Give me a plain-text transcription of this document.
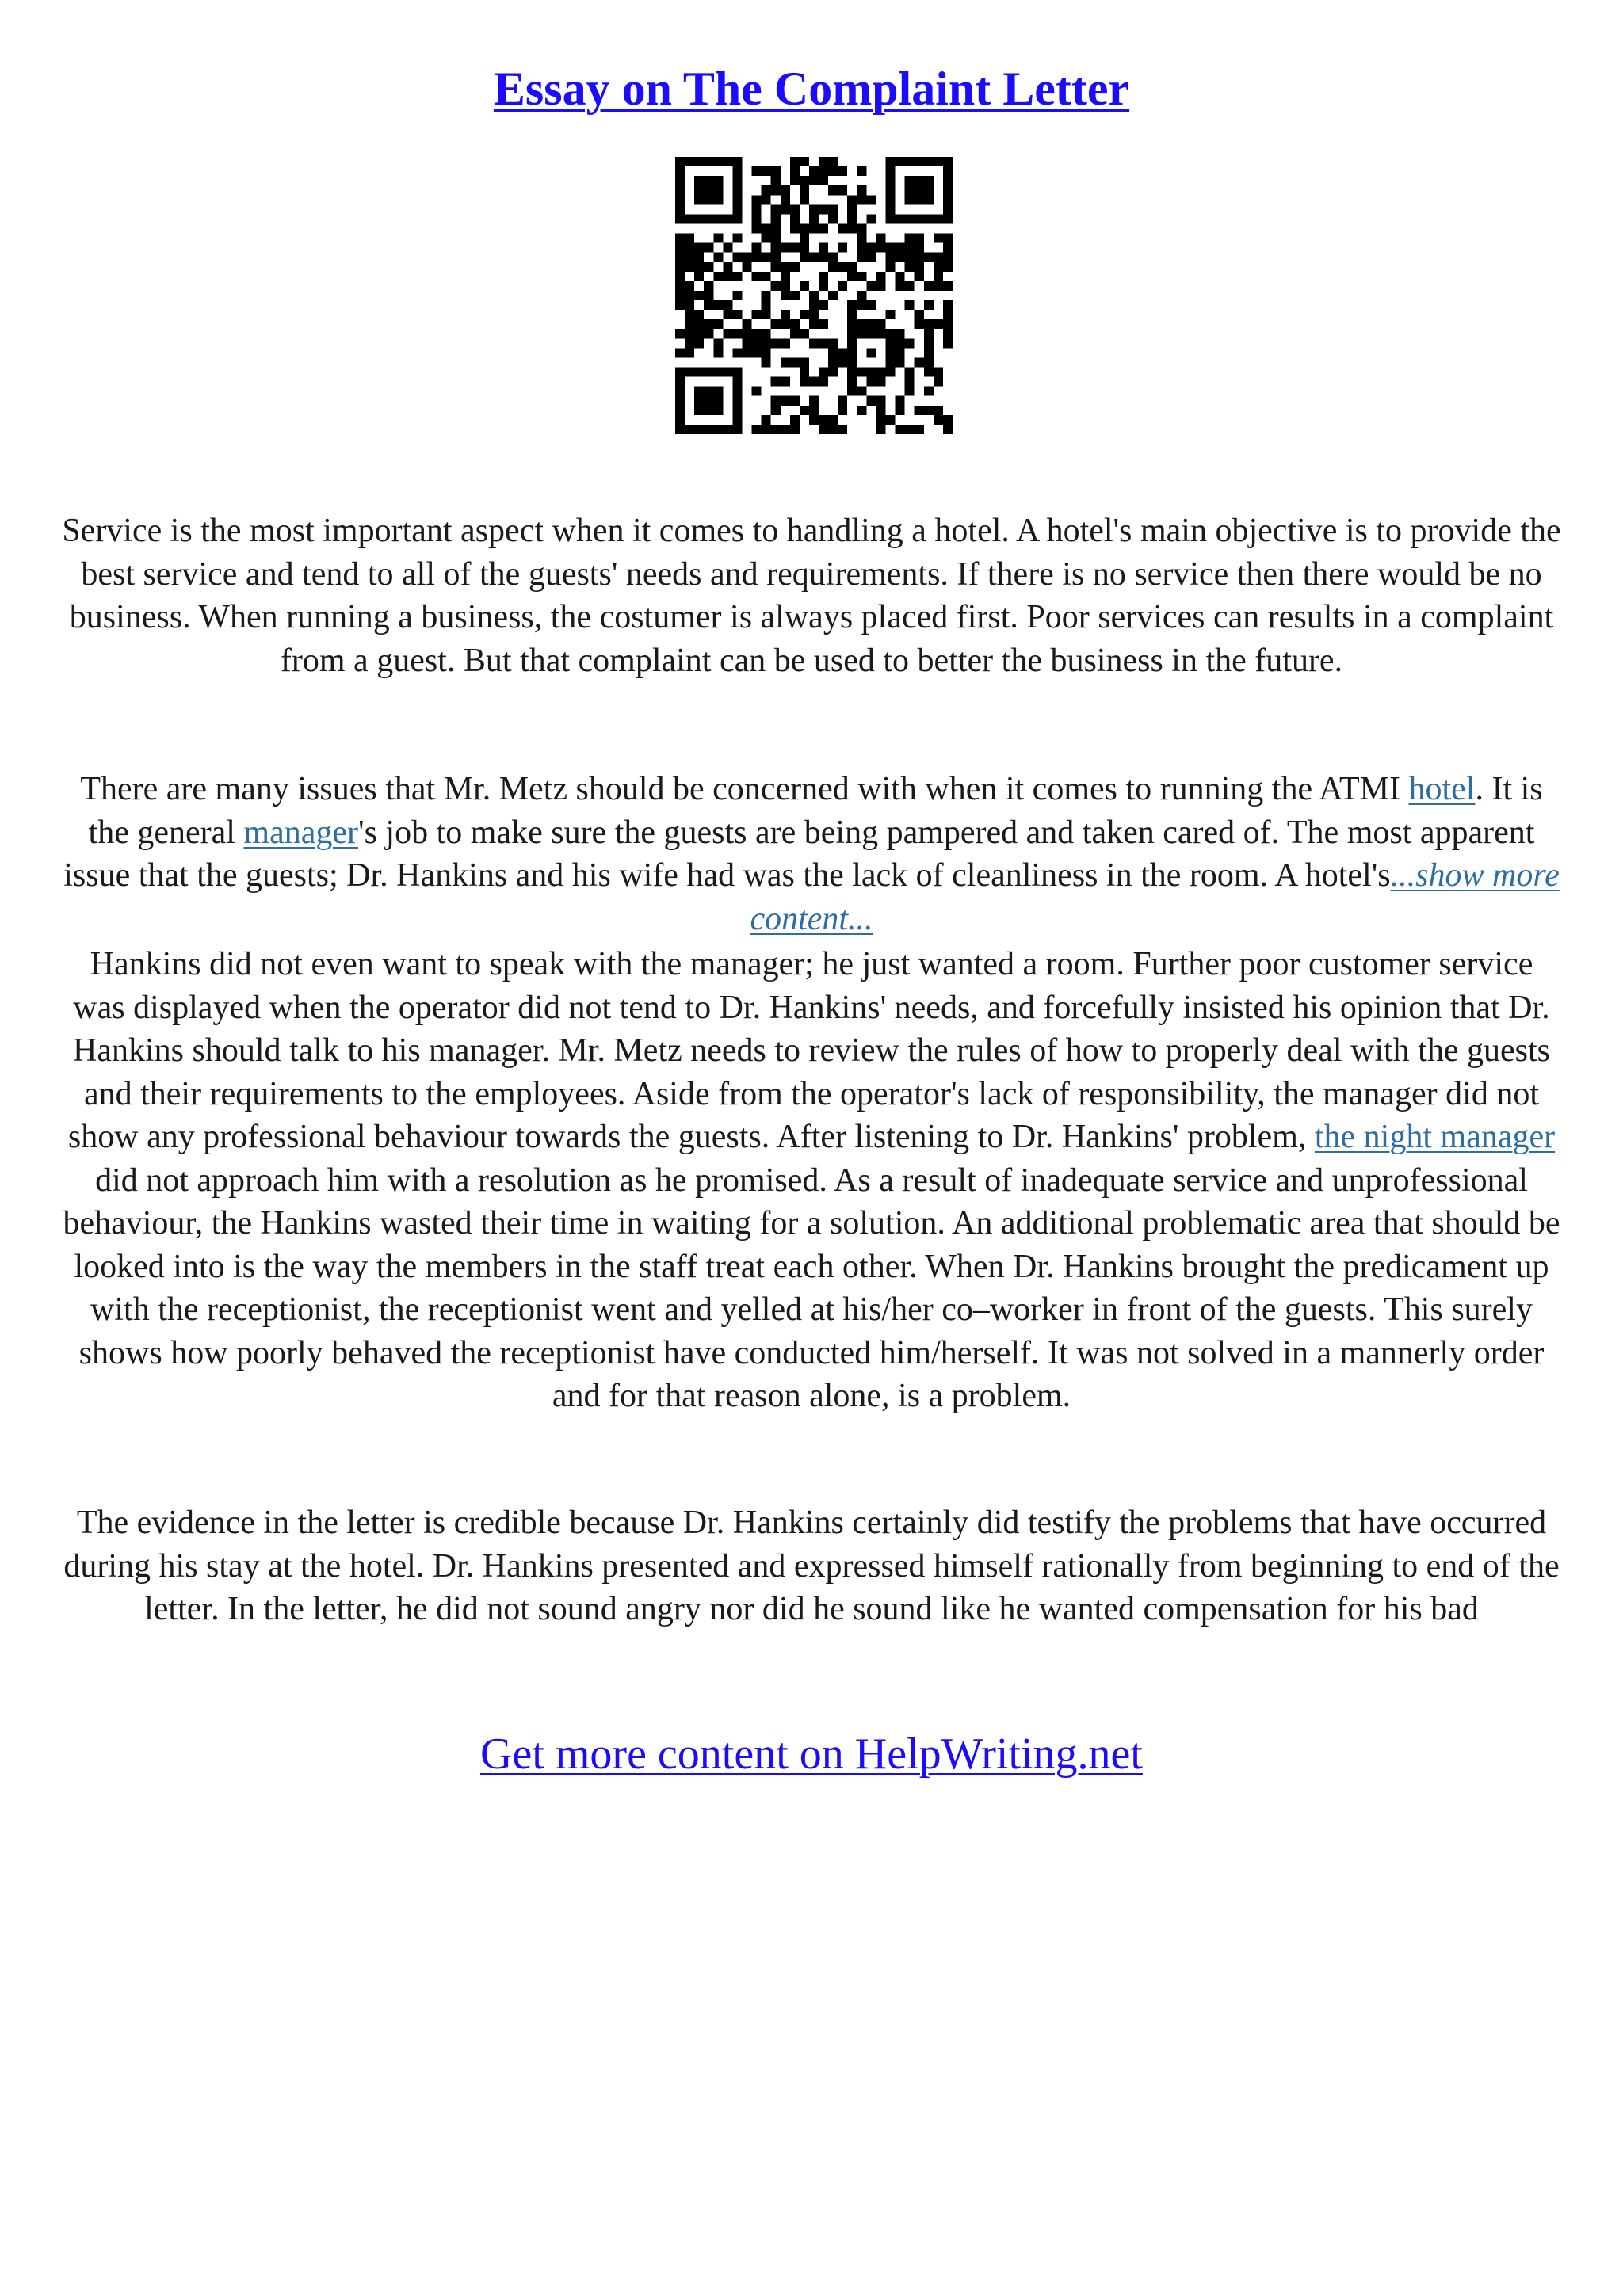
Essay on The Complaint Letter

Service is the most important aspect when it comes to handling a hotel. A hotel's main objective is to provide the best service and tend to all of the guests' needs and requirements. If there is no service then there would be no business. When running a business, the costumer is always placed first. Poor services can results in a complaint from a guest. But that complaint can be used to better the business in the future.

There are many issues that Mr. Metz should be concerned with when it comes to running the ATMI hotel. It is the general manager's job to make sure the guests are being pampered and taken cared of. The most apparent issue that the guests; Dr. Hankins and his wife had was the lack of cleanliness in the room. A hotel's...show more content...

Hankins did not even want to speak with the manager; he just wanted a room. Further poor customer service was displayed when the operator did not tend to Dr. Hankins' needs, and forcefully insisted his opinion that Dr. Hankins should talk to his manager. Mr. Metz needs to review the rules of how to properly deal with the guests and their requirements to the employees. Aside from the operator's lack of responsibility, the manager did not show any professional behaviour towards the guests. After listening to Dr. Hankins' problem, the night manager did not approach him with a resolution as he promised. As a result of inadequate service and unprofessional behaviour, the Hankins wasted their time in waiting for a solution. An additional problematic area that should be looked into is the way the members in the staff treat each other. When Dr. Hankins brought the predicament up with the receptionist, the receptionist went and yelled at his/her co–worker in front of the guests. This surely shows how poorly behaved the receptionist have conducted him/herself. It was not solved in a mannerly order and for that reason alone, is a problem.

The evidence in the letter is credible because Dr. Hankins certainly did testify the problems that have occurred during his stay at the hotel. Dr. Hankins presented and expressed himself rationally from beginning to end of the letter. In the letter, he did not sound angry nor did he sound like he wanted compensation for his bad

Get more content on HelpWriting.net
